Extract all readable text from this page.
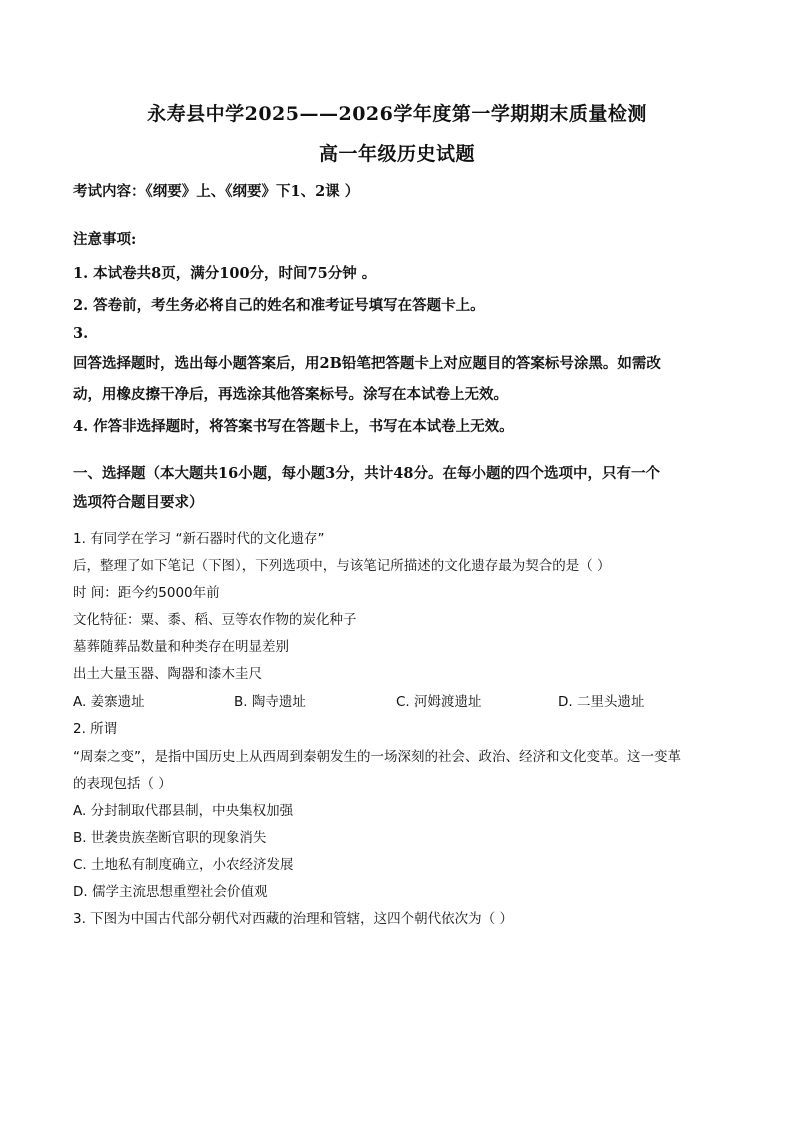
永寿县中学2025——2026学年度第一学期期末质量检测
高一年级历史试题
考试内容：《纲要》上、《纲要》下1、2课 ）
注意事项:
1. 本试卷共8页，满分100分，时间75分钟 。
2. 答卷前，考生务必将自己的姓名和准考证号填写在答题卡上。
3.
回答选择题时，选出每小题答案后，用2B铅笔把答题卡上对应题目的答案标号涂黑。如需改
动，用橡皮擦干净后，再选涂其他答案标号。涂写在本试卷上无效。
4. 作答非选择题时，将答案书写在答题卡上，书写在本试卷上无效。
一、选择题（本大题共16小题，每小题3分，共计48分。在每小题的四个选项中，只有一个
选项符合题目要求）
1. 有同学在学习 “新石器时代的文化遗存”
后，整理了如下笔记（下图），下列选项中，与该笔记所描述的文化遗存最为契合的是（ ）
时 间：距今约5000年前
文化特征：粟、黍、稻、豆等农作物的炭化种子
墓葬随葬品数量和种类存在明显差别
出土大量玉器、陶器和漆木圭尺
A. 姜寨遗址	B. 陶寺遗址	C. 河姆渡遗址	D. 二里头遗址
2. 所谓
“周秦之变”，是指中国历史上从西周到秦朝发生的一场深刻的社会、政治、经济和文化变革。这一变革
的表现包括（ ）
A. 分封制取代郡县制，中央集权加强
B. 世袭贵族垄断官职的现象消失
C. 土地私有制度确立，小农经济发展
D. 儒学主流思想重塑社会价值观
3. 下图为中国古代部分朝代对西藏的治理和管辖，这四个朝代依次为（ ）
